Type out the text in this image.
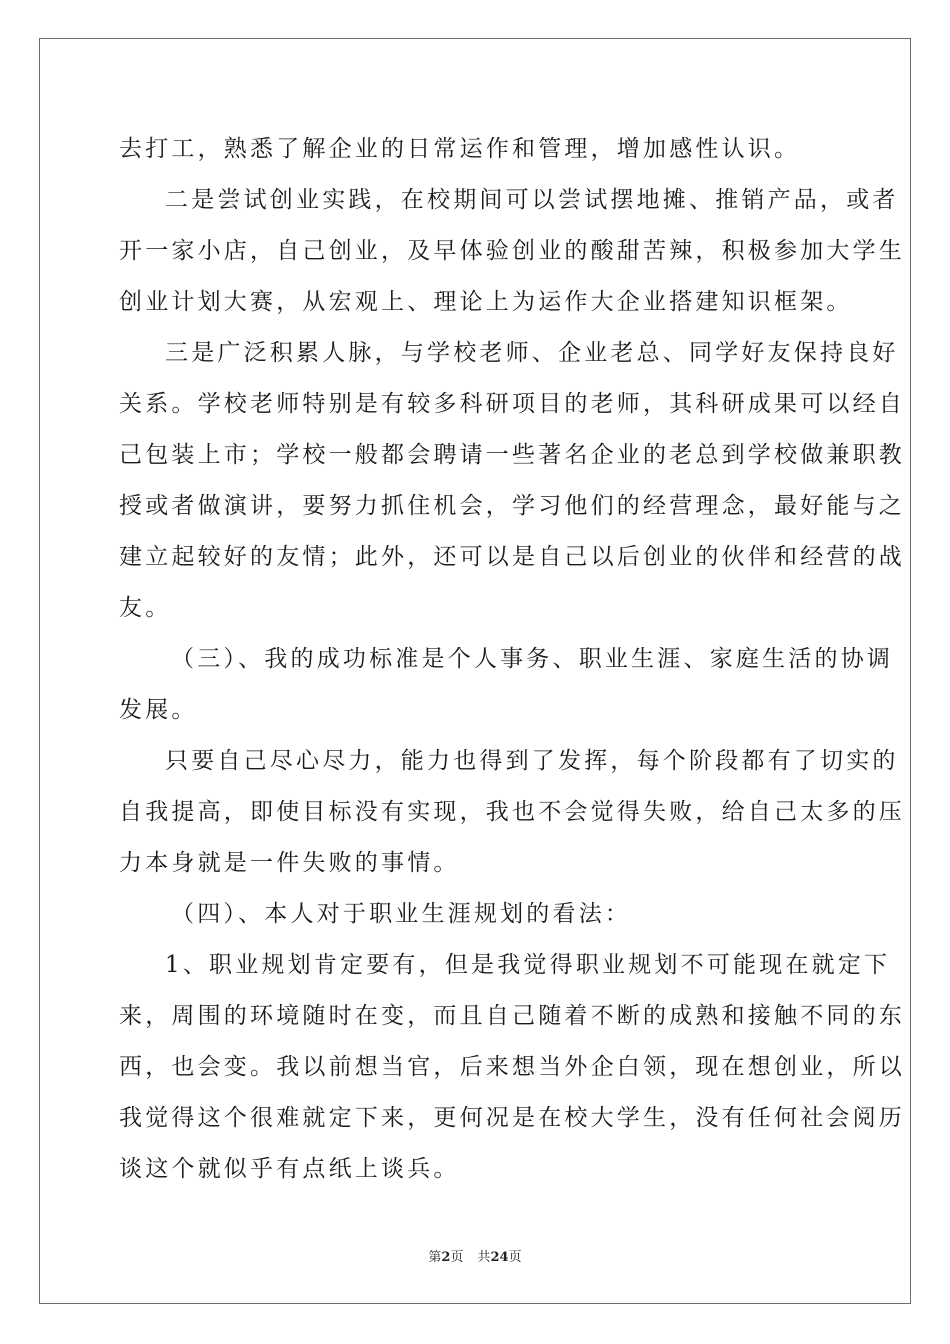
去打工，熟悉了解企业的日常运作和管理，增加感性认识。
二是尝试创业实践，在校期间可以尝试摆地摊、推销产品，或者
开一家小店，自己创业，及早体验创业的酸甜苦辣，积极参加大学生
创业计划大赛，从宏观上、理论上为运作大企业搭建知识框架。
三是广泛积累人脉，与学校老师、企业老总、同学好友保持良好
关系。学校老师特别是有较多科研项目的老师，其科研成果可以经自
己包装上市；学校一般都会聘请一些著名企业的老总到学校做兼职教
授或者做演讲，要努力抓住机会，学习他们的经营理念，最好能与之
建立起较好的友情；此外，还可以是自己以后创业的伙伴和经营的战
友。
（三）、我的成功标准是个人事务、职业生涯、家庭生活的协调
发展。
只要自己尽心尽力，能力也得到了发挥，每个阶段都有了切实的
自我提高，即使目标没有实现，我也不会觉得失败，给自己太多的压
力本身就是一件失败的事情。
（四）、本人对于职业生涯规划的看法：
1、职业规划肯定要有，但是我觉得职业规划不可能现在就定下
来，周围的环境随时在变，而且自己随着不断的成熟和接触不同的东
西，也会变。我以前想当官，后来想当外企白领，现在想创业，所以
我觉得这个很难就定下来，更何况是在校大学生，没有任何社会阅历
谈这个就似乎有点纸上谈兵。
第2页 共24页
